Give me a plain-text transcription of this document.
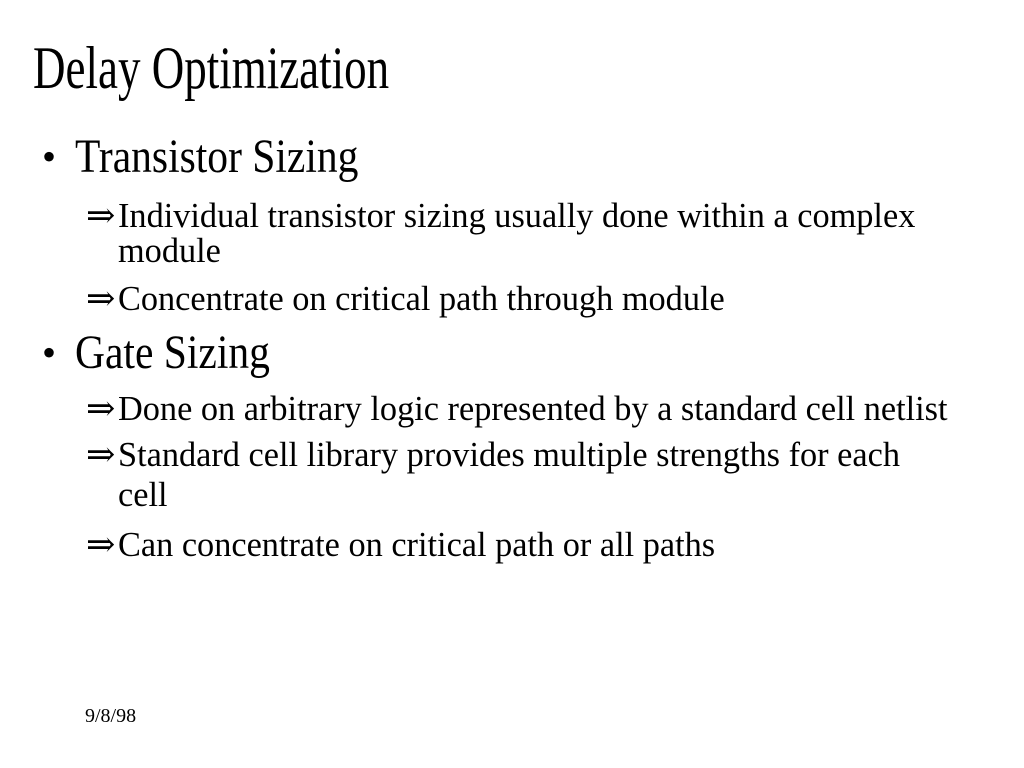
Delay Optimization
• Transistor Sizing
⇒ Individual transistor sizing usually done within a complex
module
⇒ Concentrate on critical path through module
• Gate Sizing
⇒ Done on arbitrary logic represented by a standard cell netlist
⇒ Standard cell library provides multiple strengths for each
cell
⇒ Can concentrate on critical path or all paths
9/8/98
